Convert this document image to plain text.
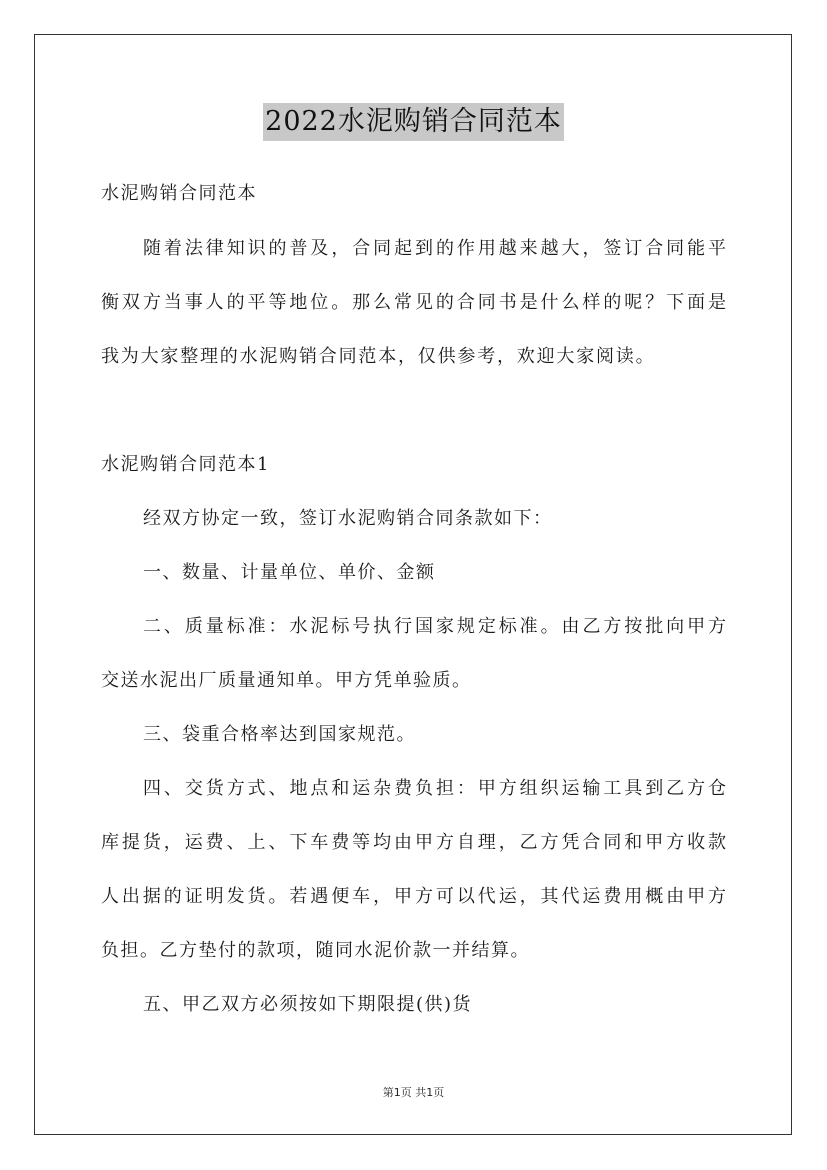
2022水泥购销合同范本
水泥购销合同范本
随着法律知识的普及，合同起到的作用越来越大，签订合同能平
衡双方当事人的平等地位。那么常见的合同书是什么样的呢？下面是
我为大家整理的水泥购销合同范本，仅供参考，欢迎大家阅读。
水泥购销合同范本1
经双方协定一致，签订水泥购销合同条款如下：
一、数量、计量单位、单价、金额
二、质量标准：水泥标号执行国家规定标准。由乙方按批向甲方
交送水泥出厂质量通知单。甲方凭单验质。
三、袋重合格率达到国家规范。
四、交货方式、地点和运杂费负担：甲方组织运输工具到乙方仓
库提货，运费、上、下车费等均由甲方自理，乙方凭合同和甲方收款
人出据的证明发货。若遇便车，甲方可以代运，其代运费用概由甲方
负担。乙方垫付的款项，随同水泥价款一并结算。
五、甲乙双方必须按如下期限提(供)货
第1页 共1页
